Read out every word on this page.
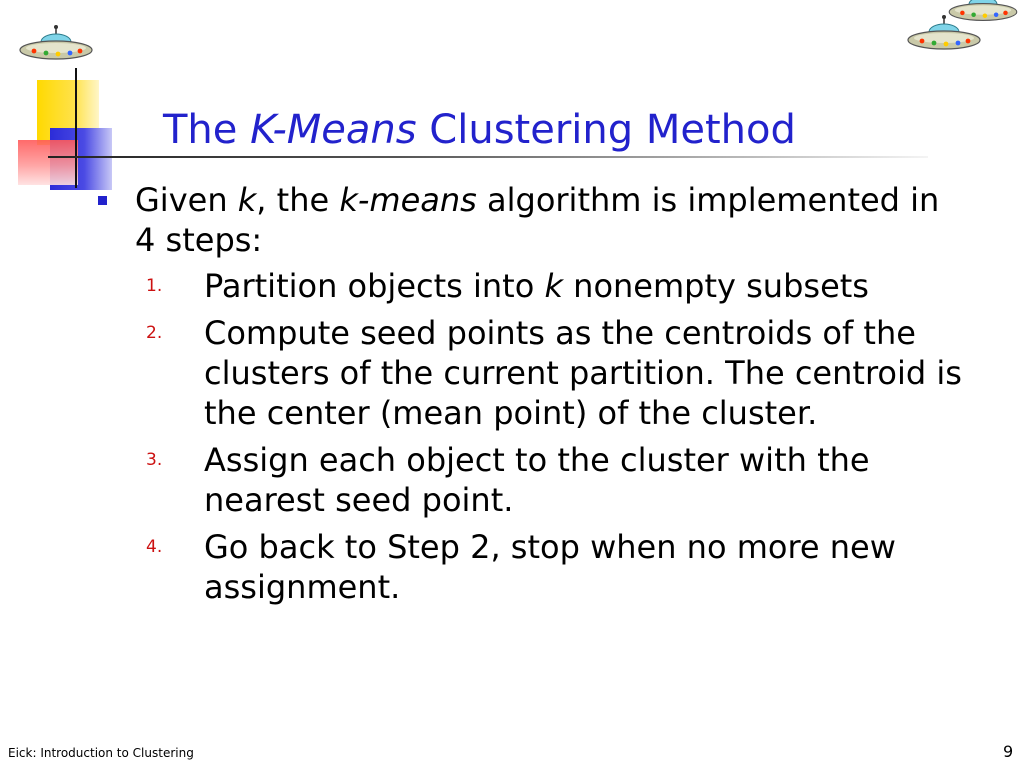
The K-Means Clustering Method
Given k, the k-means algorithm is implemented in 4 steps:
1. Partition objects into k nonempty subsets
2. Compute seed points as the centroids of the clusters of the current partition. The centroid is the center (mean point) of the cluster.
3. Assign each object to the cluster with the nearest seed point.
4. Go back to Step 2, stop when no more new assignment.
Eick: Introduction to Clustering	9
